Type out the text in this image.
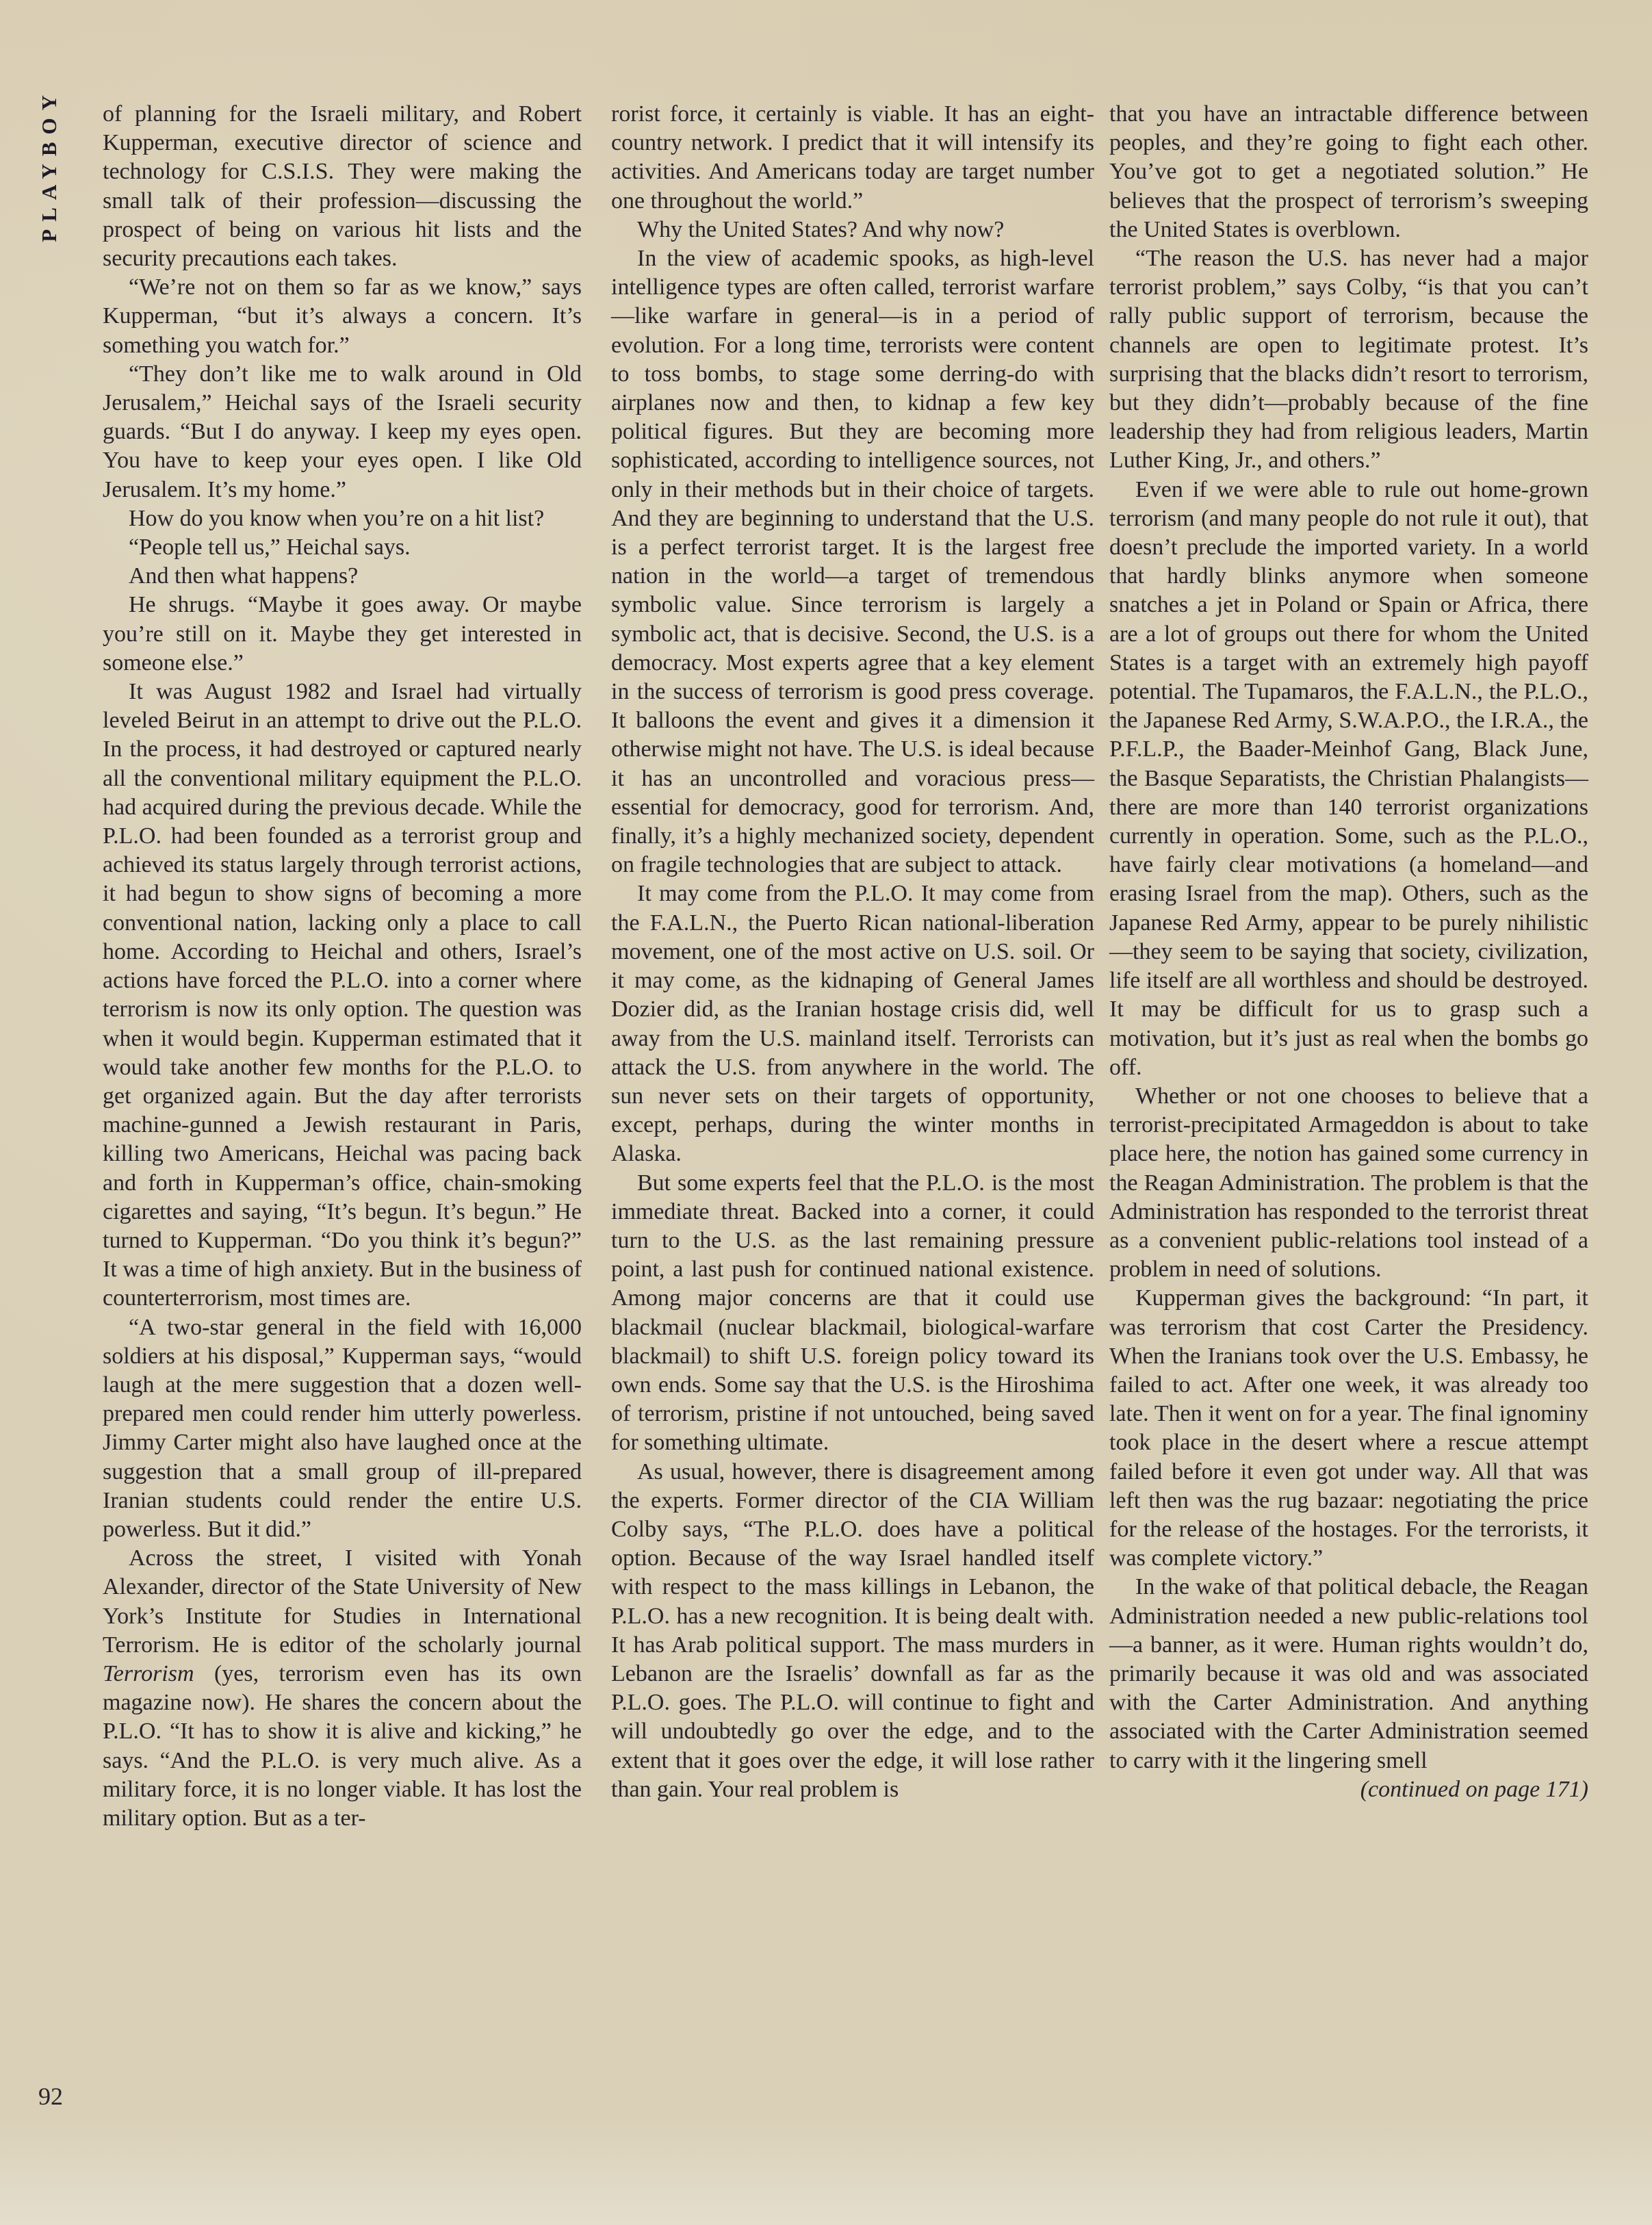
PLAYBOY
92

of planning for the Israeli military, and Robert Kupperman, executive director of science and technology for C.S.I.S. They were making the small talk of their profession—discussing the prospect of being on various hit lists and the security precautions each takes.

“We’re not on them so far as we know,” says Kupperman, “but it’s always a concern. It’s something you watch for.”

“They don’t like me to walk around in Old Jerusalem,” Heichal says of the Israeli security guards. “But I do anyway. I keep my eyes open. You have to keep your eyes open. I like Old Jerusalem. It’s my home.”

How do you know when you’re on a hit list?

“People tell us,” Heichal says.

And then what happens?

He shrugs. “Maybe it goes away. Or maybe you’re still on it. Maybe they get interested in someone else.”

It was August 1982 and Israel had virtually leveled Beirut in an attempt to drive out the P.L.O. In the process, it had destroyed or captured nearly all the conventional military equipment the P.L.O. had acquired during the previous decade. While the P.L.O. had been founded as a terrorist group and achieved its status largely through terrorist actions, it had begun to show signs of becoming a more conventional nation, lacking only a place to call home. According to Heichal and others, Israel’s actions have forced the P.L.O. into a corner where terrorism is now its only option. The question was when it would begin. Kupperman estimated that it would take another few months for the P.L.O. to get organized again. But the day after terrorists machine-gunned a Jewish restaurant in Paris, killing two Americans, Heichal was pacing back and forth in Kupperman’s office, chain-smoking cigarettes and saying, “It’s begun. It’s begun.” He turned to Kupperman. “Do you think it’s begun?” It was a time of high anxiety. But in the business of counterterrorism, most times are.

“A two-star general in the field with 16,000 soldiers at his disposal,” Kupperman says, “would laugh at the mere suggestion that a dozen well-prepared men could render him utterly powerless. Jimmy Carter might also have laughed once at the suggestion that a small group of ill-prepared Iranian students could render the entire U.S. powerless. But it did.”

Across the street, I visited with Yonah Alexander, director of the State University of New York’s Institute for Studies in International Terrorism. He is editor of the scholarly journal Terrorism (yes, terrorism even has its own magazine now). He shares the concern about the P.L.O. “It has to show it is alive and kicking,” he says. “And the P.L.O. is very much alive. As a military force, it is no longer viable. It has lost the military option. But as a ter-

rorist force, it certainly is viable. It has an eight-country network. I predict that it will intensify its activities. And Americans today are target number one throughout the world.”

Why the United States? And why now?

In the view of academic spooks, as high-level intelligence types are often called, terrorist warfare—like warfare in general—is in a period of evolution. For a long time, terrorists were content to toss bombs, to stage some derring-do with airplanes now and then, to kidnap a few key political figures. But they are becoming more sophisticated, according to intelligence sources, not only in their methods but in their choice of targets. And they are beginning to understand that the U.S. is a perfect terrorist target. It is the largest free nation in the world—a target of tremendous symbolic value. Since terrorism is largely a symbolic act, that is decisive. Second, the U.S. is a democracy. Most experts agree that a key element in the success of terrorism is good press coverage. It balloons the event and gives it a dimension it otherwise might not have. The U.S. is ideal because it has an uncontrolled and voracious press—essential for democracy, good for terrorism. And, finally, it’s a highly mechanized society, dependent on fragile technologies that are subject to attack.

It may come from the P.L.O. It may come from the F.A.L.N., the Puerto Rican national-liberation movement, one of the most active on U.S. soil. Or it may come, as the kidnaping of General James Dozier did, as the Iranian hostage crisis did, well away from the U.S. mainland itself. Terrorists can attack the U.S. from anywhere in the world. The sun never sets on their targets of opportunity, except, perhaps, during the winter months in Alaska.

But some experts feel that the P.L.O. is the most immediate threat. Backed into a corner, it could turn to the U.S. as the last remaining pressure point, a last push for continued national existence. Among major concerns are that it could use blackmail (nuclear blackmail, biological-warfare blackmail) to shift U.S. foreign policy toward its own ends. Some say that the U.S. is the Hiroshima of terrorism, pristine if not untouched, being saved for something ultimate.

As usual, however, there is disagreement among the experts. Former director of the CIA William Colby says, “The P.L.O. does have a political option. Because of the way Israel handled itself with respect to the mass killings in Lebanon, the P.L.O. has a new recognition. It is being dealt with. It has Arab political support. The mass murders in Lebanon are the Israelis’ downfall as far as the P.L.O. goes. The P.L.O. will continue to fight and will undoubtedly go over the edge, and to the extent that it goes over the edge, it will lose rather than gain. Your real problem is

that you have an intractable difference between peoples, and they’re going to fight each other. You’ve got to get a negotiated solution.” He believes that the prospect of terrorism’s sweeping the United States is overblown.

“The reason the U.S. has never had a major terrorist problem,” says Colby, “is that you can’t rally public support of terrorism, because the channels are open to legitimate protest. It’s surprising that the blacks didn’t resort to terrorism, but they didn’t—probably because of the fine leadership they had from religious leaders, Martin Luther King, Jr., and others.”

Even if we were able to rule out home-grown terrorism (and many people do not rule it out), that doesn’t preclude the imported variety. In a world that hardly blinks anymore when someone snatches a jet in Poland or Spain or Africa, there are a lot of groups out there for whom the United States is a target with an extremely high payoff potential. The Tupamaros, the F.A.L.N., the P.L.O., the Japanese Red Army, S.W.A.P.O., the I.R.A., the P.F.L.P., the Baader-Meinhof Gang, Black June, the Basque Separatists, the Christian Phalangists—there are more than 140 terrorist organizations currently in operation. Some, such as the P.L.O., have fairly clear motivations (a homeland—and erasing Israel from the map). Others, such as the Japanese Red Army, appear to be purely nihilistic—they seem to be saying that society, civilization, life itself are all worthless and should be destroyed. It may be difficult for us to grasp such a motivation, but it’s just as real when the bombs go off.

Whether or not one chooses to believe that a terrorist-precipitated Armageddon is about to take place here, the notion has gained some currency in the Reagan Administration. The problem is that the Administration has responded to the terrorist threat as a convenient public-relations tool instead of a problem in need of solutions.

Kupperman gives the background: “In part, it was terrorism that cost Carter the Presidency. When the Iranians took over the U.S. Embassy, he failed to act. After one week, it was already too late. Then it went on for a year. The final ignominy took place in the desert where a rescue attempt failed before it even got under way. All that was left then was the rug bazaar: negotiating the price for the release of the hostages. For the terrorists, it was complete victory.”

In the wake of that political debacle, the Reagan Administration needed a new public-relations tool—a banner, as it were. Human rights wouldn’t do, primarily because it was old and was associated with the Carter Administration. And anything associated with the Carter Administration seemed to carry with it the lingering smell

(continued on page 171)
